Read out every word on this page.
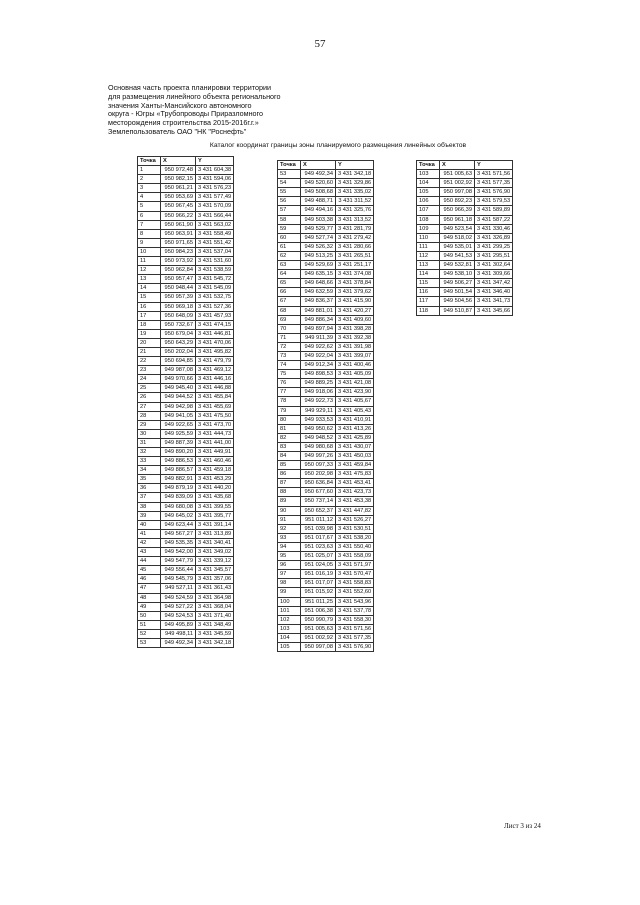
57
Основная часть проекта планировки территории
для размещения линейного объекта регионального
значения Ханты-Мансийского автономного
округа - Югры «Трубопроводы Приразломного
месторождения строительства 2015-2016г.г.»
Землепользователь ОАО "НК "Роснефть"
Каталог координат границы зоны планируемого размещения линейных объектов
Точка	X	Y
1	950 972,48	3 431 604,38
2	950 982,15	3 431 594,06
3	950 961,21	3 431 576,23
4	950 953,69	3 431 577,49
5	950 967,45	3 431 570,09
6	950 966,22	3 431 566,44
7	950 961,90	3 431 563,02
8	950 963,91	3 431 558,49
9	950 971,65	3 431 551,42
10	950 984,23	3 431 537,04
11	950 973,92	3 431 531,60
12	950 962,84	3 431 538,59
13	950 957,47	3 431 545,72
14	950 948,44	3 431 545,09
15	950 957,39	3 431 532,75
16	950 969,18	3 431 527,36
17	950 648,09	3 431 457,93
18	950 732,67	3 431 474,15
19	950 679,04	3 431 446,81
20	950 643,29	3 431 470,06
21	950 202,04	3 431 495,82
22	950 694,85	3 431 479,79
23	949 987,08	3 431 469,12
24	949 970,66	3 431 446,16
25	949 945,40	3 431 446,88
26	949 944,52	3 431 455,84
27	949 942,98	3 431 455,69
28	949 941,05	3 431 475,50
29	949 922,65	3 431 473,70
30	949 925,59	3 431 444,73
31	949 887,39	3 431 441,00
32	949 890,20	3 431 449,91
33	949 886,53	3 431 460,46
34	949 886,57	3 431 459,18
35	949 882,91	3 431 453,29
36	949 879,19	3 431 440,20
37	949 839,09	3 431 435,68
38	949 680,08	3 431 399,55
39	949 645,02	3 431 395,77
40	949 623,44	3 431 391,14
41	949 567,27	3 431 313,89
42	949 535,35	3 431 340,41
43	949 542,00	3 431 349,02
44	949 547,79	3 431 339,12
45	949 556,44	3 431 345,57
46	949 545,79	3 431 357,06
47	949 527,11	3 431 361,43
48	949 524,59	3 431 364,98
49	949 527,22	3 431 368,04
50	949 524,53	3 431 371,40
51	949 495,89	3 431 348,49
52	949 498,11	3 431 345,59
53	949 492,34	3 431 342,18
Точка	X	Y
53	949 492,34	3 431 342,18
54	949 520,60	3 431 329,86
55	949 508,68	3 431 335,02
56	949 488,71	3 431 311,52
57	949 494,16	3 431 325,76
58	949 503,38	3 431 313,52
59	949 529,77	3 431 281,79
60	949 527,74	3 431 279,42
61	949 526,32	3 431 280,66
62	949 513,25	3 431 265,51
63	949 529,69	3 431 251,17
64	949 635,15	3 431 374,08
65	949 648,66	3 431 378,84
66	949 632,59	3 431 379,62
67	949 836,37	3 431 415,90
68	949 881,01	3 431 420,27
69	949 886,34	3 431 409,60
70	949 897,94	3 431 398,28
71	949 911,39	3 431 392,38
72	949 922,62	3 431 391,98
73	949 922,04	3 431 399,07
74	949 912,34	3 431 400,46
75	949 898,53	3 431 405,09
76	949 889,25	3 431 421,08
77	949 918,06	3 431 423,90
78	949 922,73	3 431 405,67
79	949 929,11	3 431 405,43
80	949 933,53	3 431 410,91
81	949 950,62	3 431 413,26
82	949 948,52	3 431 425,89
83	949 980,68	3 431 430,07
84	949 997,26	3 431 450,03
85	950 097,33	3 431 459,84
86	950 202,98	3 431 475,83
87	950 636,84	3 431 453,41
88	950 677,60	3 431 423,73
89	950 737,14	3 431 453,38
90	950 652,37	3 431 447,82
91	951 011,12	3 431 526,27
92	951 039,98	3 431 530,51
93	951 017,67	3 431 538,20
94	951 023,63	3 431 550,40
95	951 025,07	3 431 558,09
96	951 024,05	3 431 571,97
97	951 016,19	3 431 570,47
98	951 017,07	3 431 558,83
99	951 015,92	3 431 552,60
100	951 011,25	3 431 543,96
101	951 006,38	3 431 537,78
102	950 990,79	3 431 558,30
103	951 005,63	3 431 571,56
104	951 002,92	3 431 577,35
105	950 997,08	3 431 576,90
Точка	X	Y
103	951 005,63	3 431 571,56
104	951 002,92	3 431 577,35
105	950 997,08	3 431 576,90
106	950 892,23	3 431 579,53
107	950 966,39	3 431 589,89
108	950 961,18	3 431 587,22
109	949 523,54	3 431 330,46
110	949 518,02	3 431 326,89
111	949 535,01	3 431 299,25
112	949 541,53	3 431 295,51
113	949 532,81	3 431 302,64
114	949 538,10	3 431 309,66
115	949 506,27	3 431 347,42
116	949 501,54	3 431 346,40
117	949 504,56	3 431 341,73
118	949 510,87	3 431 345,66
Лист 3 из 24
